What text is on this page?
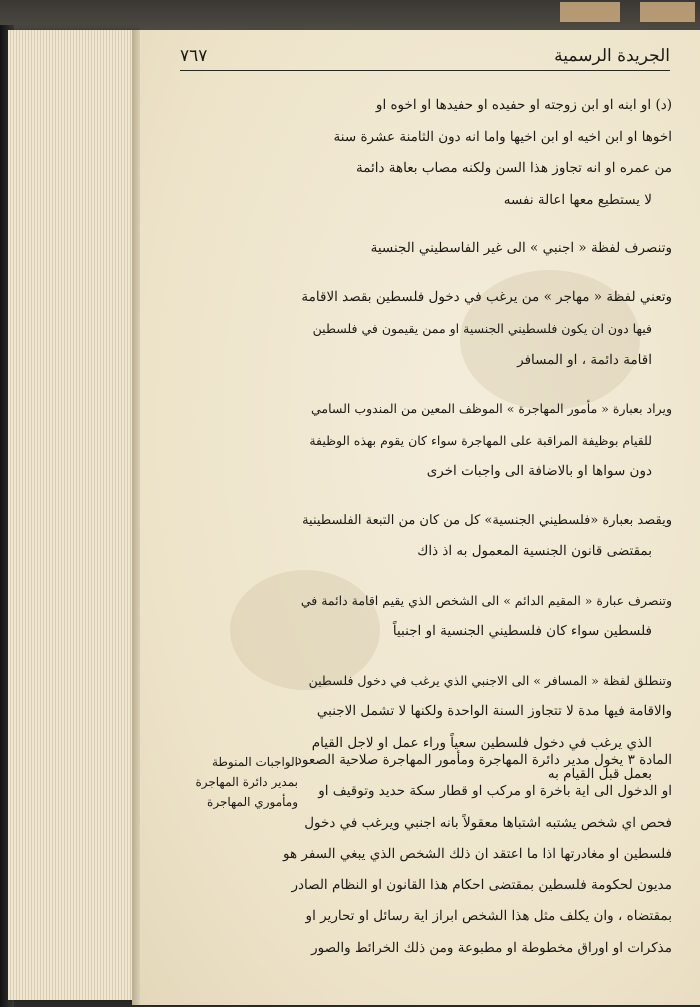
الجريدة الرسمية
٧٦٧
(د) او ابنه او ابن زوجته او حفيده او حفيدها او اخوه او
اخوها او ابن اخيه او ابن اخيها واما انه دون الثامنة عشرة سنة
من عمره او انه تجاوز هذا السن ولكنه مصاب بعاهة دائمة
لا يستطيع معها اعالة نفسه
وتنصرف لفظة « اجنبي » الى غير الفاسطيني الجنسية
وتعني لفظة « مهاجر » من يرغب في دخول فلسطين بقصد الاقامة
فيها دون ان يكون فلسطيني الجنسية او ممن يقيمون في فلسطين
اقامة دائمة ، او المسافر
ويراد بعبارة « مأمور المهاجرة » الموظف المعين من المندوب السامي
للقيام بوظيفة المراقبة على المهاجرة سواء كان يقوم بهذه الوظيفة
دون سواها او بالاضافة الى واجبات اخرى
ويقصد بعبارة «فلسطيني الجنسية» كل من كان من التبعة الفلسطينية
بمقتضى قانون الجنسية المعمول به اذ ذاك
وتنصرف عبارة « المقيم الدائم » الى الشخص الذي يقيم اقامة دائمة في
فلسطين سواء كان فلسطيني الجنسية او اجنبياً
وتنطلق لفظة « المسافر » الى الاجنبي الذي يرغب في دخول فلسطين
والاقامة فيها مدة لا تتجاوز السنة الواحدة ولكنها لا تشمل الاجنبي
الذي يرغب في دخول فلسطين سعياً وراء عمل او لاجل القيام
بعمل قبل القيام به
المادة ٣ يخول مدير دائرة المهاجرة ومأمور المهاجرة صلاحية الصعود
او الدخول الى اية باخرة او مركب او قطار سكة حديد وتوقيف او
فحص اي شخص يشتبه اشتباها معقولاً بانه اجنبي ويرغب في دخول
فلسطين او مغادرتها اذا ما اعتقد ان ذلك الشخص الذي يبغي السفر هو
مديون لحكومة فلسطين بمقتضى احكام هذا القانون او النظام الصادر
بمقتضاه ، وان يكلف مثل هذا الشخص ابراز اية رسائل او تحارير او
مذكرات او اوراق مخطوطة او مطبوعة ومن ذلك الخرائط والصور
الواجبات المنوطة
بمدير دائرة المهاجرة
ومأموري المهاجرة
